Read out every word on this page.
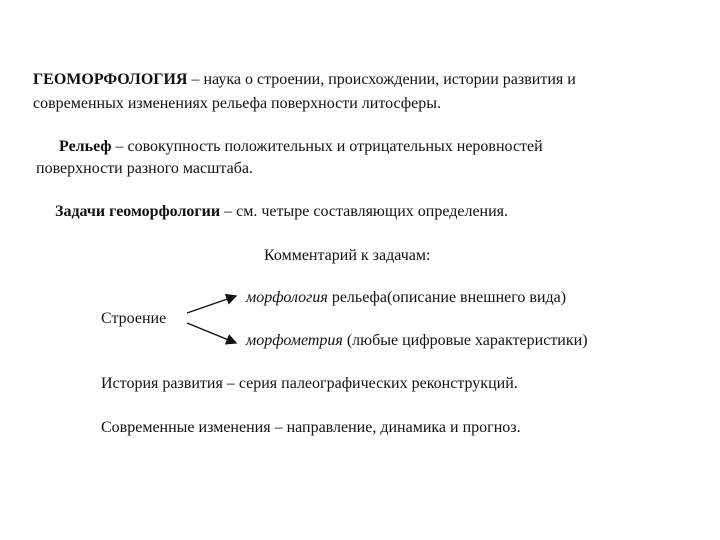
ГЕОМОРФОЛОГИЯ – наука о строении, происхождении, истории развития и
современных изменениях рельефа поверхности литосферы.
Рельеф – совокупность положительных и отрицательных неровностей
поверхности разного масштаба.
Задачи геоморфологии – см. четыре составляющих определения.
Комментарий к задачам:
морфология рельефа(описание внешнего вида)
Строение
морфометрия (любые цифровые характеристики)
История развития – серия палеографических реконструкций.
Современные изменения – направление, динамика и прогноз.
